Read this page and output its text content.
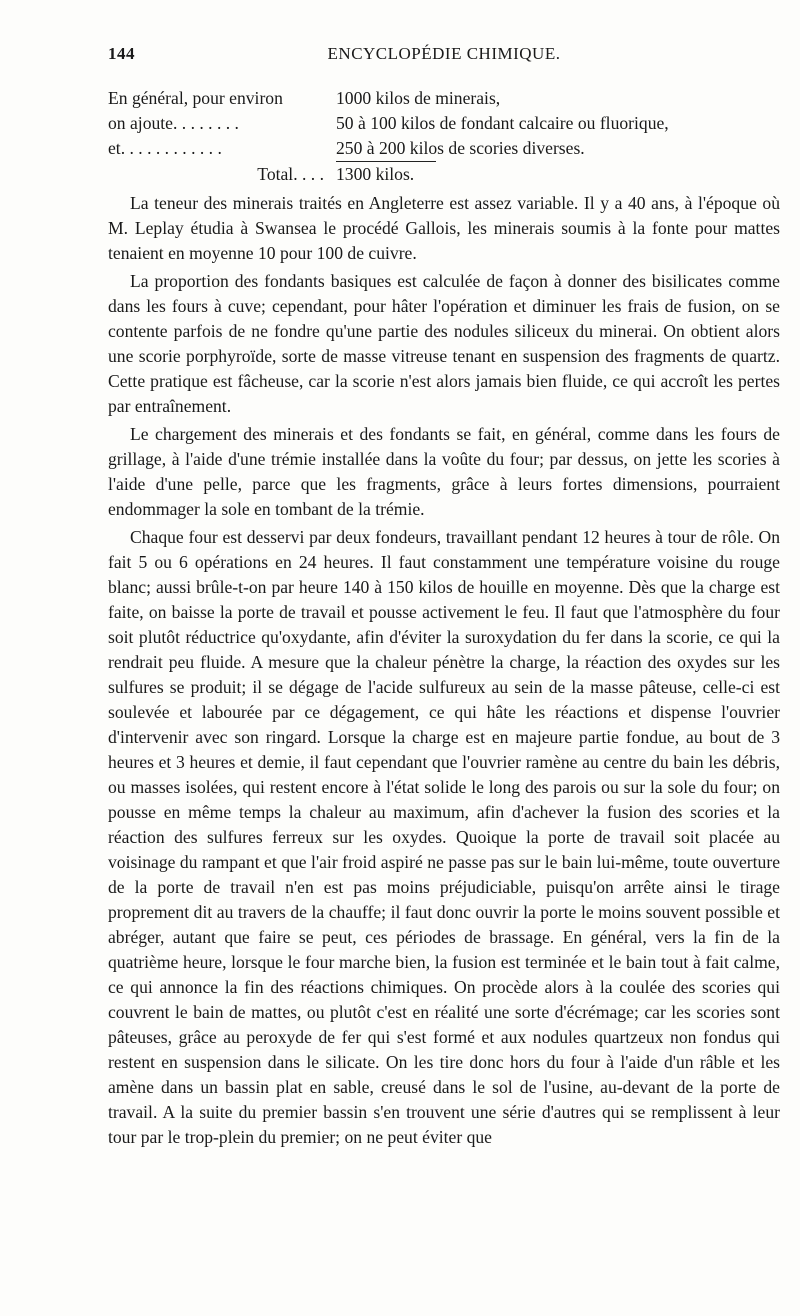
144	ENCYCLOPÉDIE CHIMIQUE.
En général, pour environ	1000 kilos de minerais,
on ajoute. . . . . . . .	50 à 100 kilos de fondant calcaire ou fluorique,
et. . . . . . . . . . . .	250 à 200 kilos de scories diverses.
Total. . . . 1300 kilos.

La teneur des minerais traités en Angleterre est assez variable. Il y a 40 ans, à l'époque où M. Leplay étudia à Swansea le procédé Gallois, les minerais soumis à la fonte pour mattes tenaient en moyenne 10 pour 100 de cuivre.

La proportion des fondants basiques est calculée de façon à donner des bisilicates comme dans les fours à cuve; cependant, pour hâter l'opération et diminuer les frais de fusion, on se contente parfois de ne fondre qu'une partie des nodules siliceux du minerai. On obtient alors une scorie porphyroïde, sorte de masse vitreuse tenant en suspension des fragments de quartz. Cette pratique est fâcheuse, car la scorie n'est alors jamais bien fluide, ce qui accroît les pertes par entraînement.

Le chargement des minerais et des fondants se fait, en général, comme dans les fours de grillage, à l'aide d'une trémie installée dans la voûte du four; par dessus, on jette les scories à l'aide d'une pelle, parce que les fragments, grâce à leurs fortes dimensions, pourraient endommager la sole en tombant de la trémie.

Chaque four est desservi par deux fondeurs, travaillant pendant 12 heures à tour de rôle. On fait 5 ou 6 opérations en 24 heures. Il faut constamment une température voisine du rouge blanc; aussi brûle-t-on par heure 140 à 150 kilos de houille en moyenne. Dès que la charge est faite, on baisse la porte de travail et pousse activement le feu. Il faut que l'atmosphère du four soit plutôt réductrice qu'oxydante, afin d'éviter la suroxydation du fer dans la scorie, ce qui la rendrait peu fluide. A mesure que la chaleur pénètre la charge, la réaction des oxydes sur les sulfures se produit; il se dégage de l'acide sulfureux au sein de la masse pâteuse, celle-ci est soulevée et labourée par ce dégagement, ce qui hâte les réactions et dispense l'ouvrier d'intervenir avec son ringard. Lorsque la charge est en majeure partie fondue, au bout de 3 heures et 3 heures et demie, il faut cependant que l'ouvrier ramène au centre du bain les débris, ou masses isolées, qui restent encore à l'état solide le long des parois ou sur la sole du four; on pousse en même temps la chaleur au maximum, afin d'achever la fusion des scories et la réaction des sulfures ferreux sur les oxydes. Quoique la porte de travail soit placée au voisinage du rampant et que l'air froid aspiré ne passe pas sur le bain lui-même, toute ouverture de la porte de travail n'en est pas moins préjudiciable, puisqu'on arrête ainsi le tirage proprement dit au travers de la chauffe; il faut donc ouvrir la porte le moins souvent possible et abréger, autant que faire se peut, ces périodes de brassage. En général, vers la fin de la quatrième heure, lorsque le four marche bien, la fusion est terminée et le bain tout à fait calme, ce qui annonce la fin des réactions chimiques. On procède alors à la coulée des scories qui couvrent le bain de mattes, ou plutôt c'est en réalité une sorte d'écrémage; car les scories sont pâteuses, grâce au peroxyde de fer qui s'est formé et aux nodules quartzeux non fondus qui restent en suspension dans le silicate. On les tire donc hors du four à l'aide d'un râble et les amène dans un bassin plat en sable, creusé dans le sol de l'usine, au-devant de la porte de travail. A la suite du premier bassin s'en trouvent une série d'autres qui se remplissent à leur tour par le trop-plein du premier; on ne peut éviter que
